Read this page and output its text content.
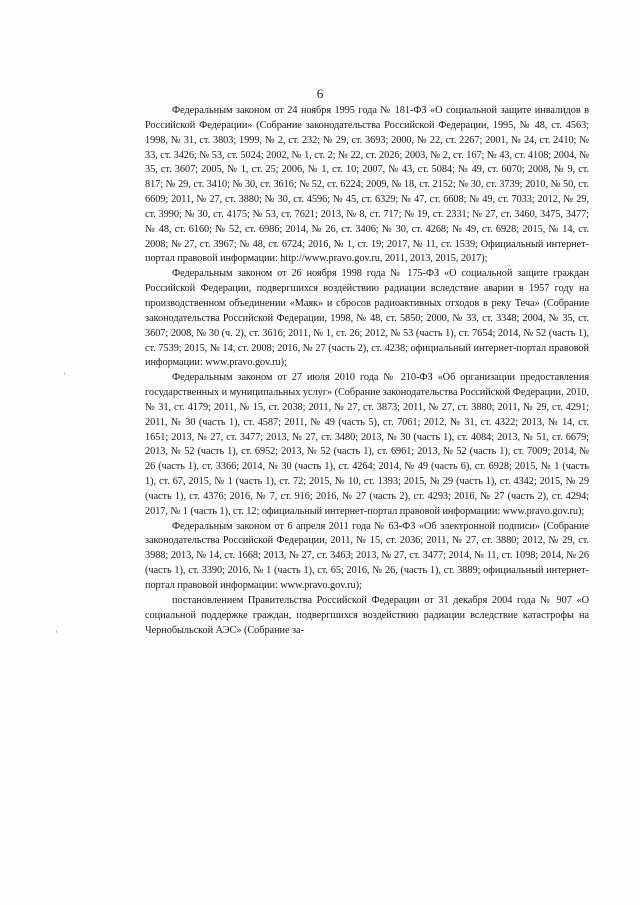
6

Федеральным законом от 24 ноября 1995 года № 181-ФЗ «О социальной защите инвалидов в Российской Федерации» (Собрание законодательства Российской Федерации, 1995, № 48, ст. 4563; 1998, № 31, ст. 3803; 1999, № 2, ст. 232; № 29, ст. 3693; 2000, № 22, ст. 2267; 2001, № 24, ст. 2410; № 33, ст. 3426; № 53, ст. 5024; 2002, № 1, ст. 2; № 22, ст. 2026; 2003, № 2, ст. 167; № 43, ст. 4108; 2004, № 35, ст. 3607; 2005, № 1, ст. 25; 2006, № 1, ст. 10; 2007, № 43, ст. 5084; № 49, ст. 6070; 2008, № 9, ст. 817; № 29, ст. 3410; № 30, ст. 3616; № 52, ст. 6224; 2009, № 18, ст. 2152; № 30, ст. 3739; 2010, № 50, ст. 6609; 2011, № 27, ст. 3880; № 30, ст. 4596; № 45, ст. 6329; № 47, ст. 6608; № 49, ст. 7033; 2012, № 29, ст. 3990; № 30, ст. 4175; № 53, ст. 7621; 2013, № 8, ст. 717; № 19, ст. 2331; № 27, ст. 3460, 3475, 3477; № 48, ст. 6160; № 52, ст. 6986; 2014, № 26, ст. 3406; № 30, ст. 4268; № 49, ст. 6928; 2015, № 14, ст. 2008; № 27, ст. 3967; № 48, ст. 6724; 2016, № 1, ст. 19; 2017, № 11, ст. 1539; Официальный интернет-портал правовой информации: http://www.pravo.gov.ru, 2011, 2013, 2015, 2017);

Федеральным законом от 26 ноября 1998 года № 175-ФЗ «О социальной защите граждан Российской Федерации, подвергшихся воздействию радиации вследствие аварии в 1957 году на производственном объединении «Маяк» и сбросов радиоактивных отходов в реку Теча» (Собрание законодательства Российской Федерации, 1998, № 48, ст. 5850; 2000, № 33, ст. 3348; 2004, № 35, ст. 3607; 2008, № 30 (ч. 2), ст. 3616; 2011, № 1, ст. 26; 2012, № 53 (часть 1), ст. 7654; 2014, № 52 (часть 1), ст. 7539; 2015, № 14, ст. 2008; 2016, № 27 (часть 2), ст. 4238; официальный интернет-портал правовой информации: www.pravo.gov.ru);

Федеральным законом от 27 июля 2010 года № 210-ФЗ «Об организации предоставления государственных и муниципальных услуг» (Собрание законодательства Российской Федерации, 2010, № 31, ст. 4179; 2011, № 15, ст. 2038; 2011, № 27, ст. 3873; 2011, № 27, ст. 3880; 2011, № 29, ст. 4291; 2011, № 30 (часть 1), ст. 4587; 2011, № 49 (часть 5), ст. 7061; 2012, № 31, ст. 4322; 2013, № 14, ст. 1651; 2013, № 27, ст. 3477; 2013, № 27, ст. 3480; 2013, № 30 (часть 1), ст. 4084; 2013, № 51, ст. 6679; 2013, № 52 (часть 1), ст. 6952; 2013, № 52 (часть 1), ст. 6961; 2013, № 52 (часть 1), ст. 7009; 2014, № 26 (часть 1), ст. 3366; 2014, № 30 (часть 1), ст. 4264; 2014, № 49 (часть 6), ст. 6928; 2015, № 1 (часть 1), ст. 67, 2015, № 1 (часть 1), ст. 72; 2015, № 10, ст. 1393; 2015, № 29 (часть 1), ст. 4342; 2015, № 29 (часть 1), ст. 4376; 2016, № 7, ст. 916; 2016, № 27 (часть 2), ст. 4293; 2016, № 27 (часть 2), ст. 4294; 2017, № 1 (часть 1), ст. 12; официальный интернет-портал правовой информации: www.pravo.gov.ru);

Федеральным законом от 6 апреля 2011 года № 63-ФЗ «Об электронной подписи» (Собрание законодательства Российской Федерации, 2011, № 15, ст. 2036; 2011, № 27, ст. 3880; 2012, № 29, ст. 3988; 2013, № 14, ст. 1668; 2013, № 27, ст. 3463; 2013, № 27, ст. 3477; 2014, № 11, ст. 1098; 2014, № 26 (часть 1), ст. 3390; 2016, № 1 (часть 1), ст. 65; 2016, № 26, (часть 1), ст. 3889; официальный интернет-портал правовой информации: www.pravo.gov.ru);

постановлением Правительства Российской Федерации от 31 декабря 2004 года № 907 «О социальной поддержке граждан, подвергшихся воздействию радиации вследствие катастрофы на Чернобыльской АЭС» (Собрание за-

'
'
